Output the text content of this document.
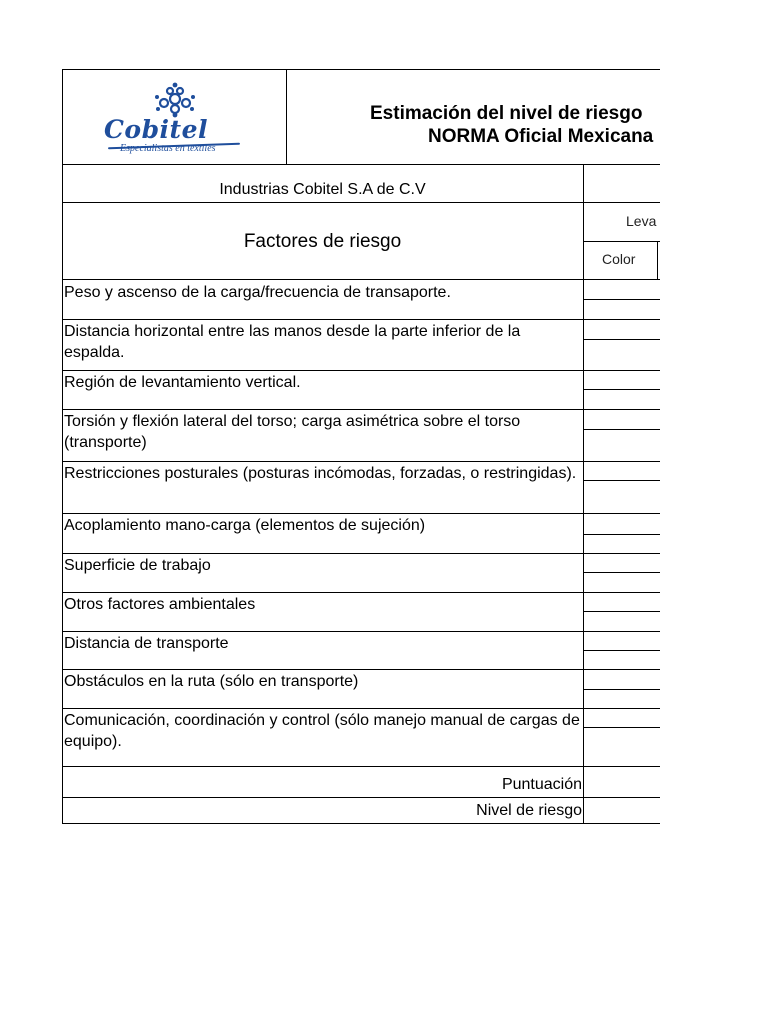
Cobitel
Especialistas en textiles
Estimación del nivel de riesgo
NORMA Oficial Mexicana
Industrias Cobitel S.A de C.V
Factores de riesgo
Leva
Color
Peso y ascenso de la carga/frecuencia de transaporte.
Distancia horizontal entre las manos desde la parte inferior de la espalda.
Región de levantamiento vertical.
Torsión y flexión lateral del torso; carga asimétrica sobre el torso (transporte)
Restricciones posturales (posturas incómodas, forzadas, o restringidas).
Acoplamiento mano-carga (elementos de sujeción)
Superficie de trabajo
Otros factores ambientales
Distancia de transporte
Obstáculos en la ruta (sólo en transporte)
Comunicación, coordinación y control (sólo manejo manual de cargas de equipo).
Puntuación
Nivel de riesgo
